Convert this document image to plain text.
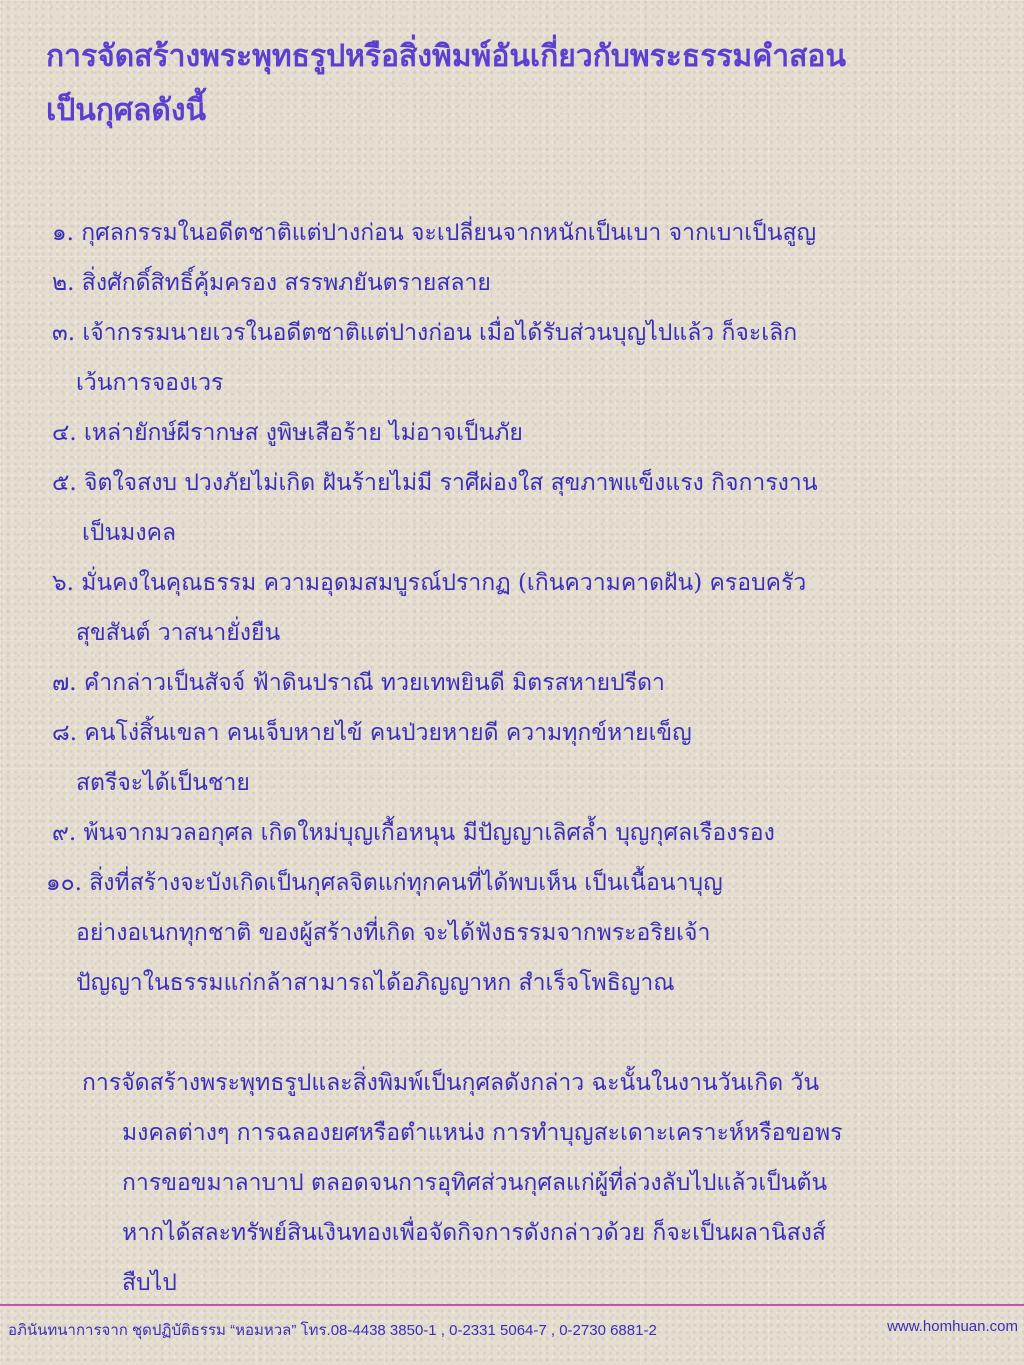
การจัดสร้างพระพุทธรูปหรือสิ่งพิมพ์อันเกี่ยวกับพระธรรมคำสอน
เป็นกุศลดังนี้
๑.
กุศลกรรมในอดีตชาติแต่ปางก่อน จะเปลี่ยนจากหนักเป็นเบา จากเบาเป็นสูญ
๒.
สิ่งศักดิ์สิทธิ์คุ้มครอง สรรพภยันตรายสลาย
๓.
เจ้ากรรมนายเวรในอดีตชาติแต่ปางก่อน เมื่อได้รับส่วนบุญไปแล้ว ก็จะเลิก
เว้นการจองเวร
๔.
เหล่ายักษ์ผีรากษส งูพิษเสือร้าย ไม่อาจเป็นภัย
๕.
จิตใจสงบ ปวงภัยไม่เกิด ฝันร้ายไม่มี ราศีผ่องใส สุขภาพแข็งแรง กิจการงาน
เป็นมงคล
๖.
มั่นคงในคุณธรรม ความอุดมสมบูรณ์ปรากฏ (เกินความคาดฝัน) ครอบครัว
สุขสันต์ วาสนายั่งยืน
๗.
คำกล่าวเป็นสัจจ์ ฟ้าดินปราณี ทวยเทพยินดี มิตรสหายปรีดา
๘.
คนโง่สิ้นเขลา คนเจ็บหายไข้ คนป่วยหายดี ความทุกข์หายเข็ญ
สตรีจะได้เป็นชาย
๙.
พ้นจากมวลอกุศล เกิดใหม่บุญเกื้อหนุน มีปัญญาเลิศล้ำ บุญกุศลเรืองรอง
๑๐.
สิ่งที่สร้างจะบังเกิดเป็นกุศลจิตแก่ทุกคนที่ได้พบเห็น เป็นเนื้อนาบุญ
อย่างอเนกทุกชาติ ของผู้สร้างที่เกิด จะได้ฟังธรรมจากพระอริยเจ้า
ปัญญาในธรรมแก่กล้าสามารถได้อภิญญาหก สำเร็จโพธิญาณ

การจัดสร้างพระพุทธรูปและสิ่งพิมพ์เป็นกุศลดังกล่าว ฉะนั้นในงานวันเกิด วัน
มงคลต่างๆ การฉลองยศหรือตำแหน่ง การทำบุญสะเดาะเคราะห์หรือขอพร
การขอขมาลาบาป ตลอดจนการอุทิศส่วนกุศลแก่ผู้ที่ล่วงลับไปแล้วเป็นต้น
หากได้สละทรัพย์สินเงินทองเพื่อจัดกิจการดังกล่าวด้วย ก็จะเป็นผลานิสงส์
สืบไป

อภินันทนาการจาก ชุดปฏิบัติธรรม “หอมหวล” โทร.08-4438 3850-1 , 0-2331 5064-7 , 0-2730 6881-2	www.homhuan.com
